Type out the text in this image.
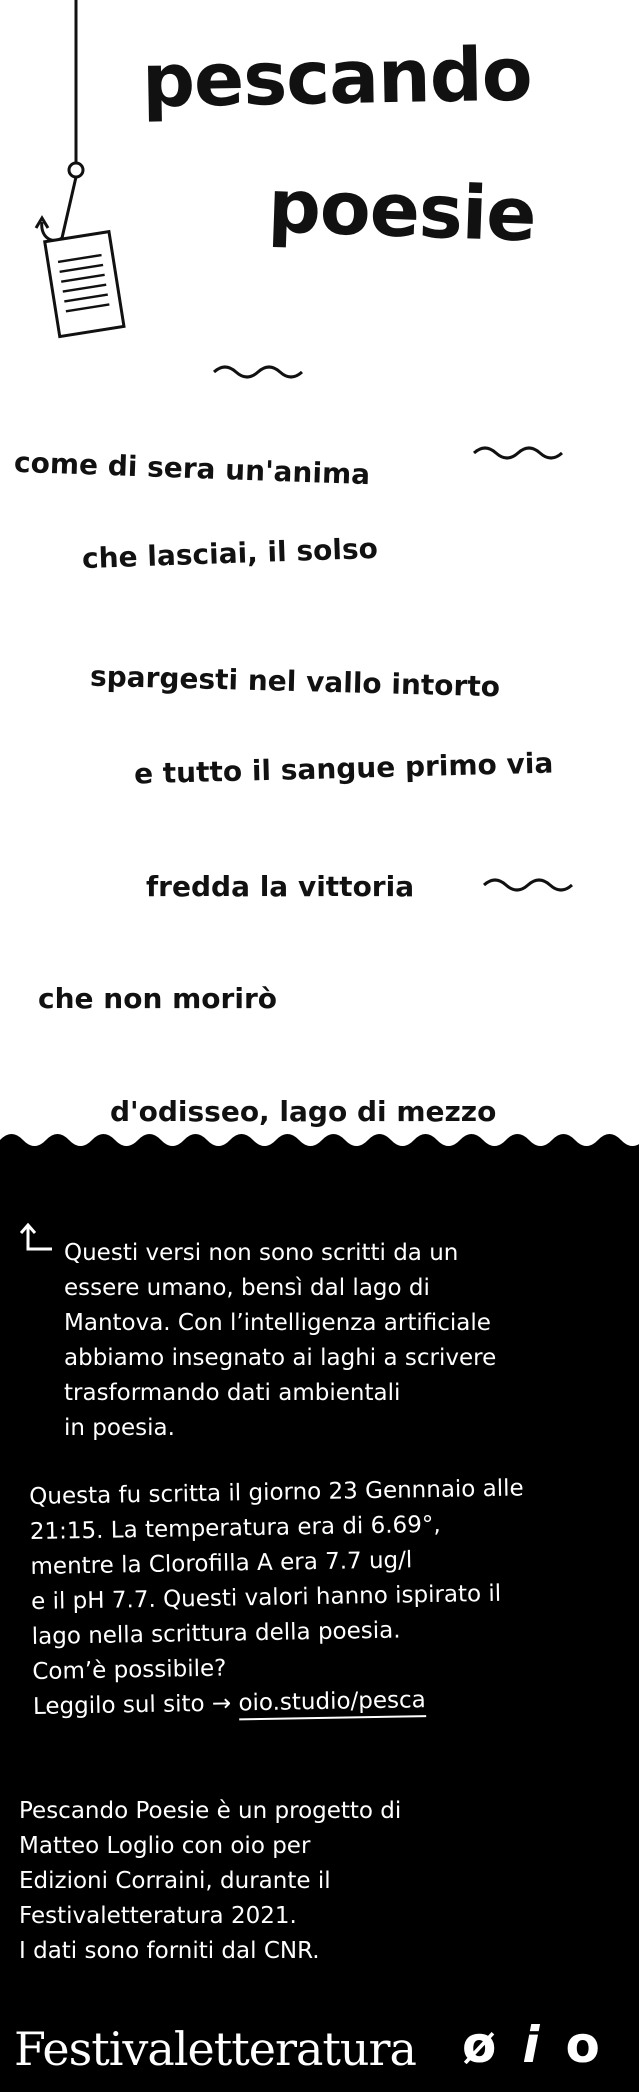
pescando
poesie
come di sera un'anima
che lasciai, il solso
spargesti nel vallo intorto
e tutto il sangue primo via
fredda la vittoria
che non morirò
d'odisseo, lago di mezzo

Questi versi non sono scritti da un

essere umano, bensì dal lago di

Mantova. Con l’intelligenza artificiale

abbiamo insegnato ai laghi a scrivere

trasformando dati ambientali

in poesia.

Questa fu scritta il giorno 23 Gennnaio alle

21:15. La temperatura era di 6.69°,

mentre la Clorofilla A era 7.7 ug/l

e il pH 7.7. Questi valori hanno ispirato il

lago nella scrittura della poesia.

Com’è possibile?

Leggilo sul sito → oio.studio/pesca

Pescando Poesie è un progetto di

Matteo Loglio con oio per

Edizioni Corraini, durante il

Festivaletteratura 2021.

I dati sono forniti dal CNR.

Festivaletteratura ø i o
